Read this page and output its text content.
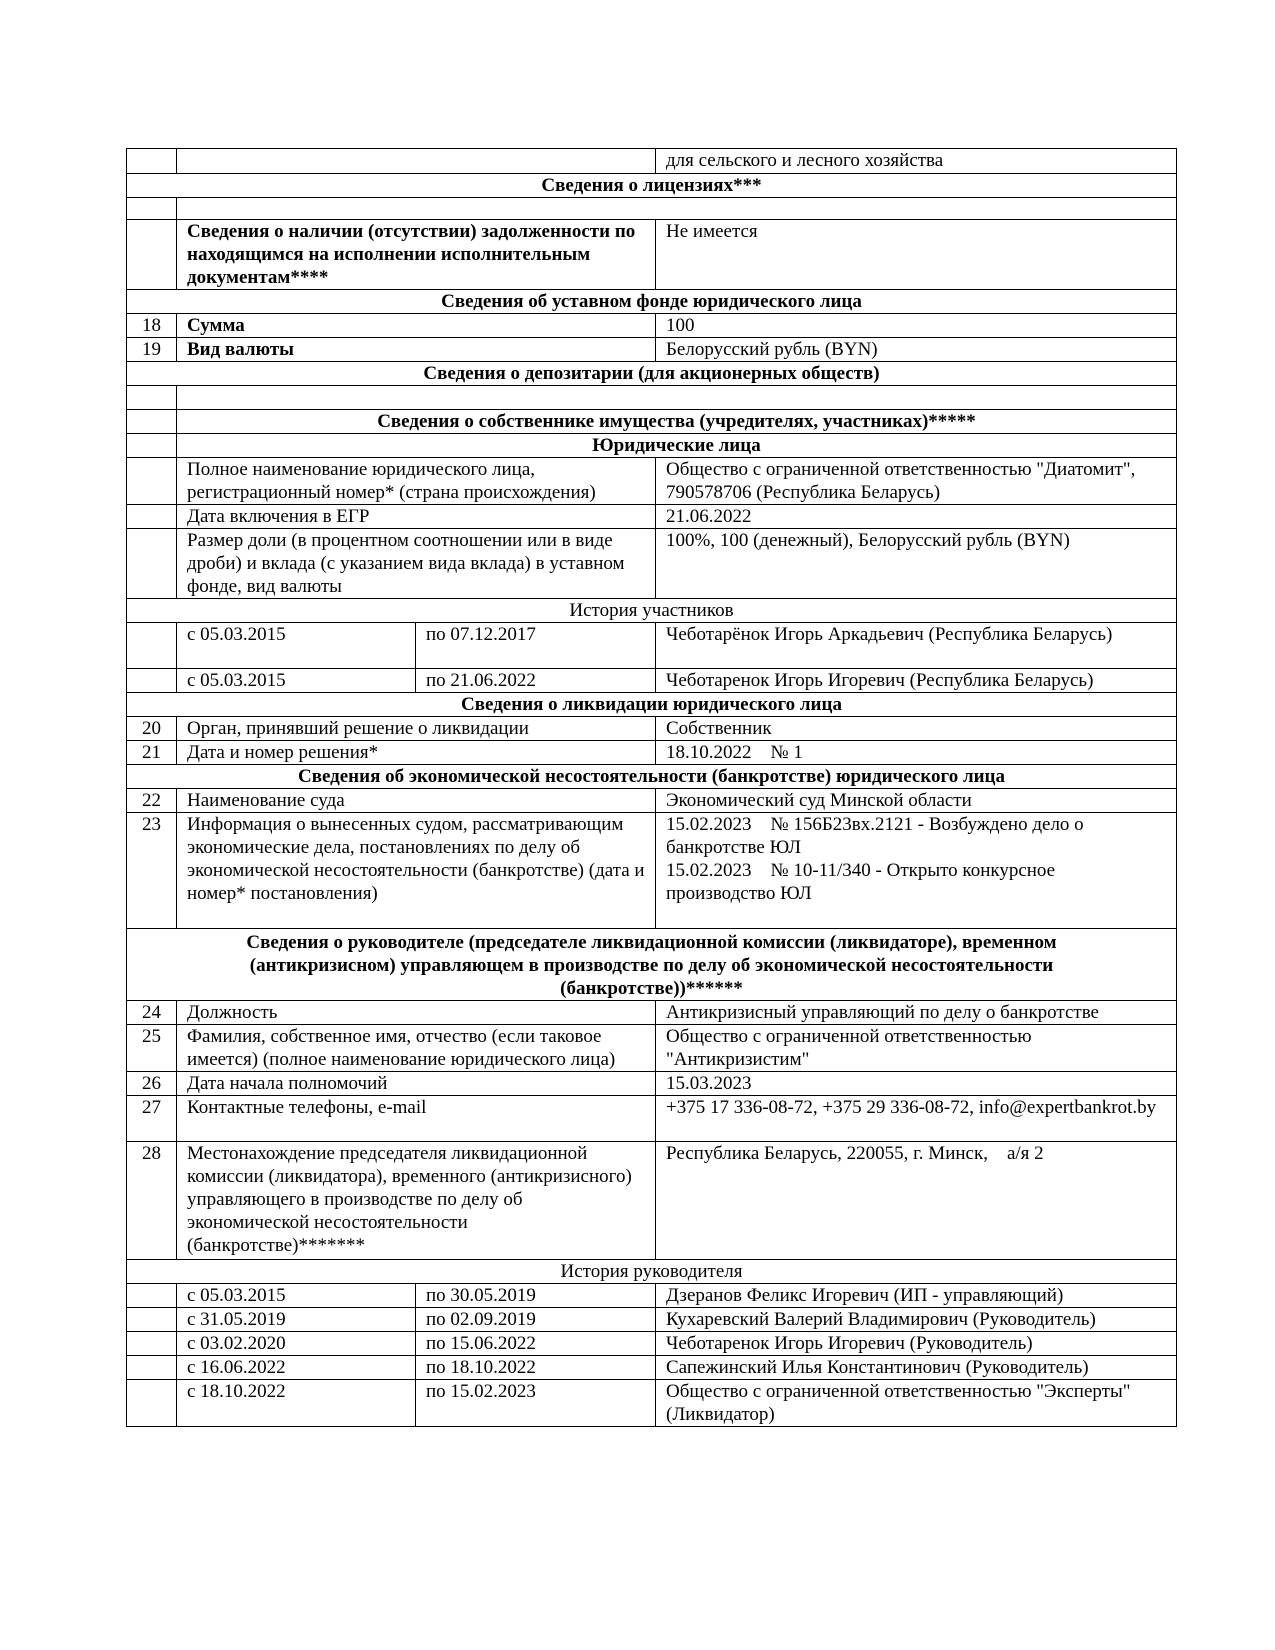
			для сельского и лесного хозяйства
Сведения о лицензиях***			

	Сведения о наличии (отсутствии) задолженности по находящимся на исполнении исполнительным документам****		Не имеется
Сведения об уставном фонде юридического лица			
18	Сумма		100
19	Вид валюты		Белорусский рубль (BYN)
Сведения о депозитарии (для акционерных обществ)			

	Сведения о собственнике имущества (учредителях, участниках)*****		
	Юридические лица		
	Полное наименование юридического лица, регистрационный номер* (страна происхождения)		Общество с ограниченной ответственностью "Диатомит", 790578706 (Республика Беларусь)
	Дата включения в ЕГР		21.06.2022
	Размер доли (в процентном соотношении или в виде дроби) и вклада (с указанием вида вклада) в уставном фонде, вид валюты		100%, 100 (денежный), Белорусский рубль (BYN)
История участников			
	с 05.03.2015	по 07.12.2017	Чеботарёнок Игорь Аркадьевич (Республика Беларусь)
	с 05.03.2015	по 21.06.2022	Чеботаренок Игорь Игоревич (Республика Беларусь)
Сведения о ликвидации юридического лица			
20	Орган, принявший решение о ликвидации		Собственник
21	Дата и номер решения*		18.10.2022    № 1
Сведения об экономической несостоятельности (банкротстве) юридического лица			
22	Наименование суда		Экономический суд Минской области
23	Информация о вынесенных судом, рассматривающим экономические дела, постановлениях по делу об экономической несостоятельности (банкротстве) (дата и номер* постановления)		15.02.2023    № 156Б23вх.2121 - Возбуждено дело о банкротстве ЮЛ
15.02.2023    № 10-11/340 - Открыто конкурсное производство ЮЛ

Сведения о руководителе (председателе ликвидационной комиссии (ликвидаторе), временном (антикризисном) управляющем в производстве по делу об экономической несостоятельности (банкротстве))******			
24	Должность		Антикризисный управляющий по делу о банкротстве
25	Фамилия, собственное имя, отчество (если таковое имеется) (полное наименование юридического лица)		Общество с ограниченной ответственностью "Антикризистим"
26	Дата начала полномочий		15.03.2023
27	Контактные телефоны, e-mail		+375 17 336-08-72, +375 29 336-08-72, info@expertbankrot.by
28	Местонахождение председателя ликвидационной комиссии (ликвидатора), временного (антикризисного) управляющего в производстве по делу об экономической несостоятельности (банкротстве)*******		Республика Беларусь, 220055, г. Минск,    а/я 2
История руководителя			
	с 05.03.2015	по 30.05.2019	Дзеранов Феликс Игоревич (ИП - управляющий)
	с 31.05.2019	по 02.09.2019	Кухаревский Валерий Владимирович (Руководитель)
	с 03.02.2020	по 15.06.2022	Чеботаренок Игорь Игоревич (Руководитель)
	с 16.06.2022	по 18.10.2022	Сапежинский Илья Константинович (Руководитель)
	с 18.10.2022	по 15.02.2023	Общество с ограниченной ответственностью "Эксперты" (Ликвидатор)
